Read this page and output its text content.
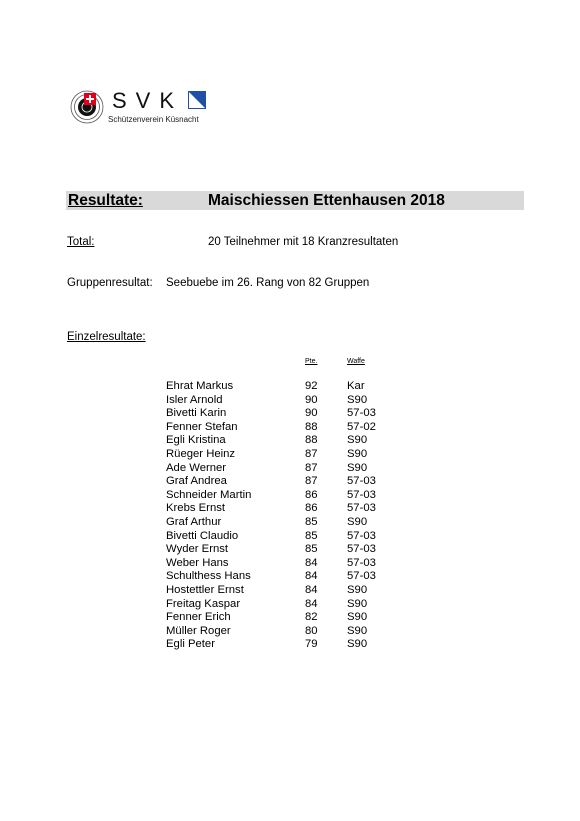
SVK
Schützenverein Küsnacht
Resultate:	Maischiessen Ettenhausen 2018
Total:	20 Teilnehmer mit 18 Kranzresultaten
Gruppenresultat: Seebuebe im 26. Rang von 82 Gruppen
Einzelresultate:
Pte.	Waffe
Ehrat Markus	92	Kar
Isler Arnold	90	S90
Bivetti Karin	90	57-03
Fenner Stefan	88	57-02
Egli Kristina	88	S90
Rüeger Heinz	87	S90
Ade Werner	87	S90
Graf Andrea	87	57-03
Schneider Martin	86	57-03
Krebs Ernst	86	57-03
Graf Arthur	85	S90
Bivetti Claudio	85	57-03
Wyder Ernst	85	57-03
Weber Hans	84	57-03
Schulthess Hans	84	57-03
Hostettler Ernst	84	S90
Freitag Kaspar	84	S90
Fenner Erich	82	S90
Müller Roger	80	S90
Egli Peter	79	S90
